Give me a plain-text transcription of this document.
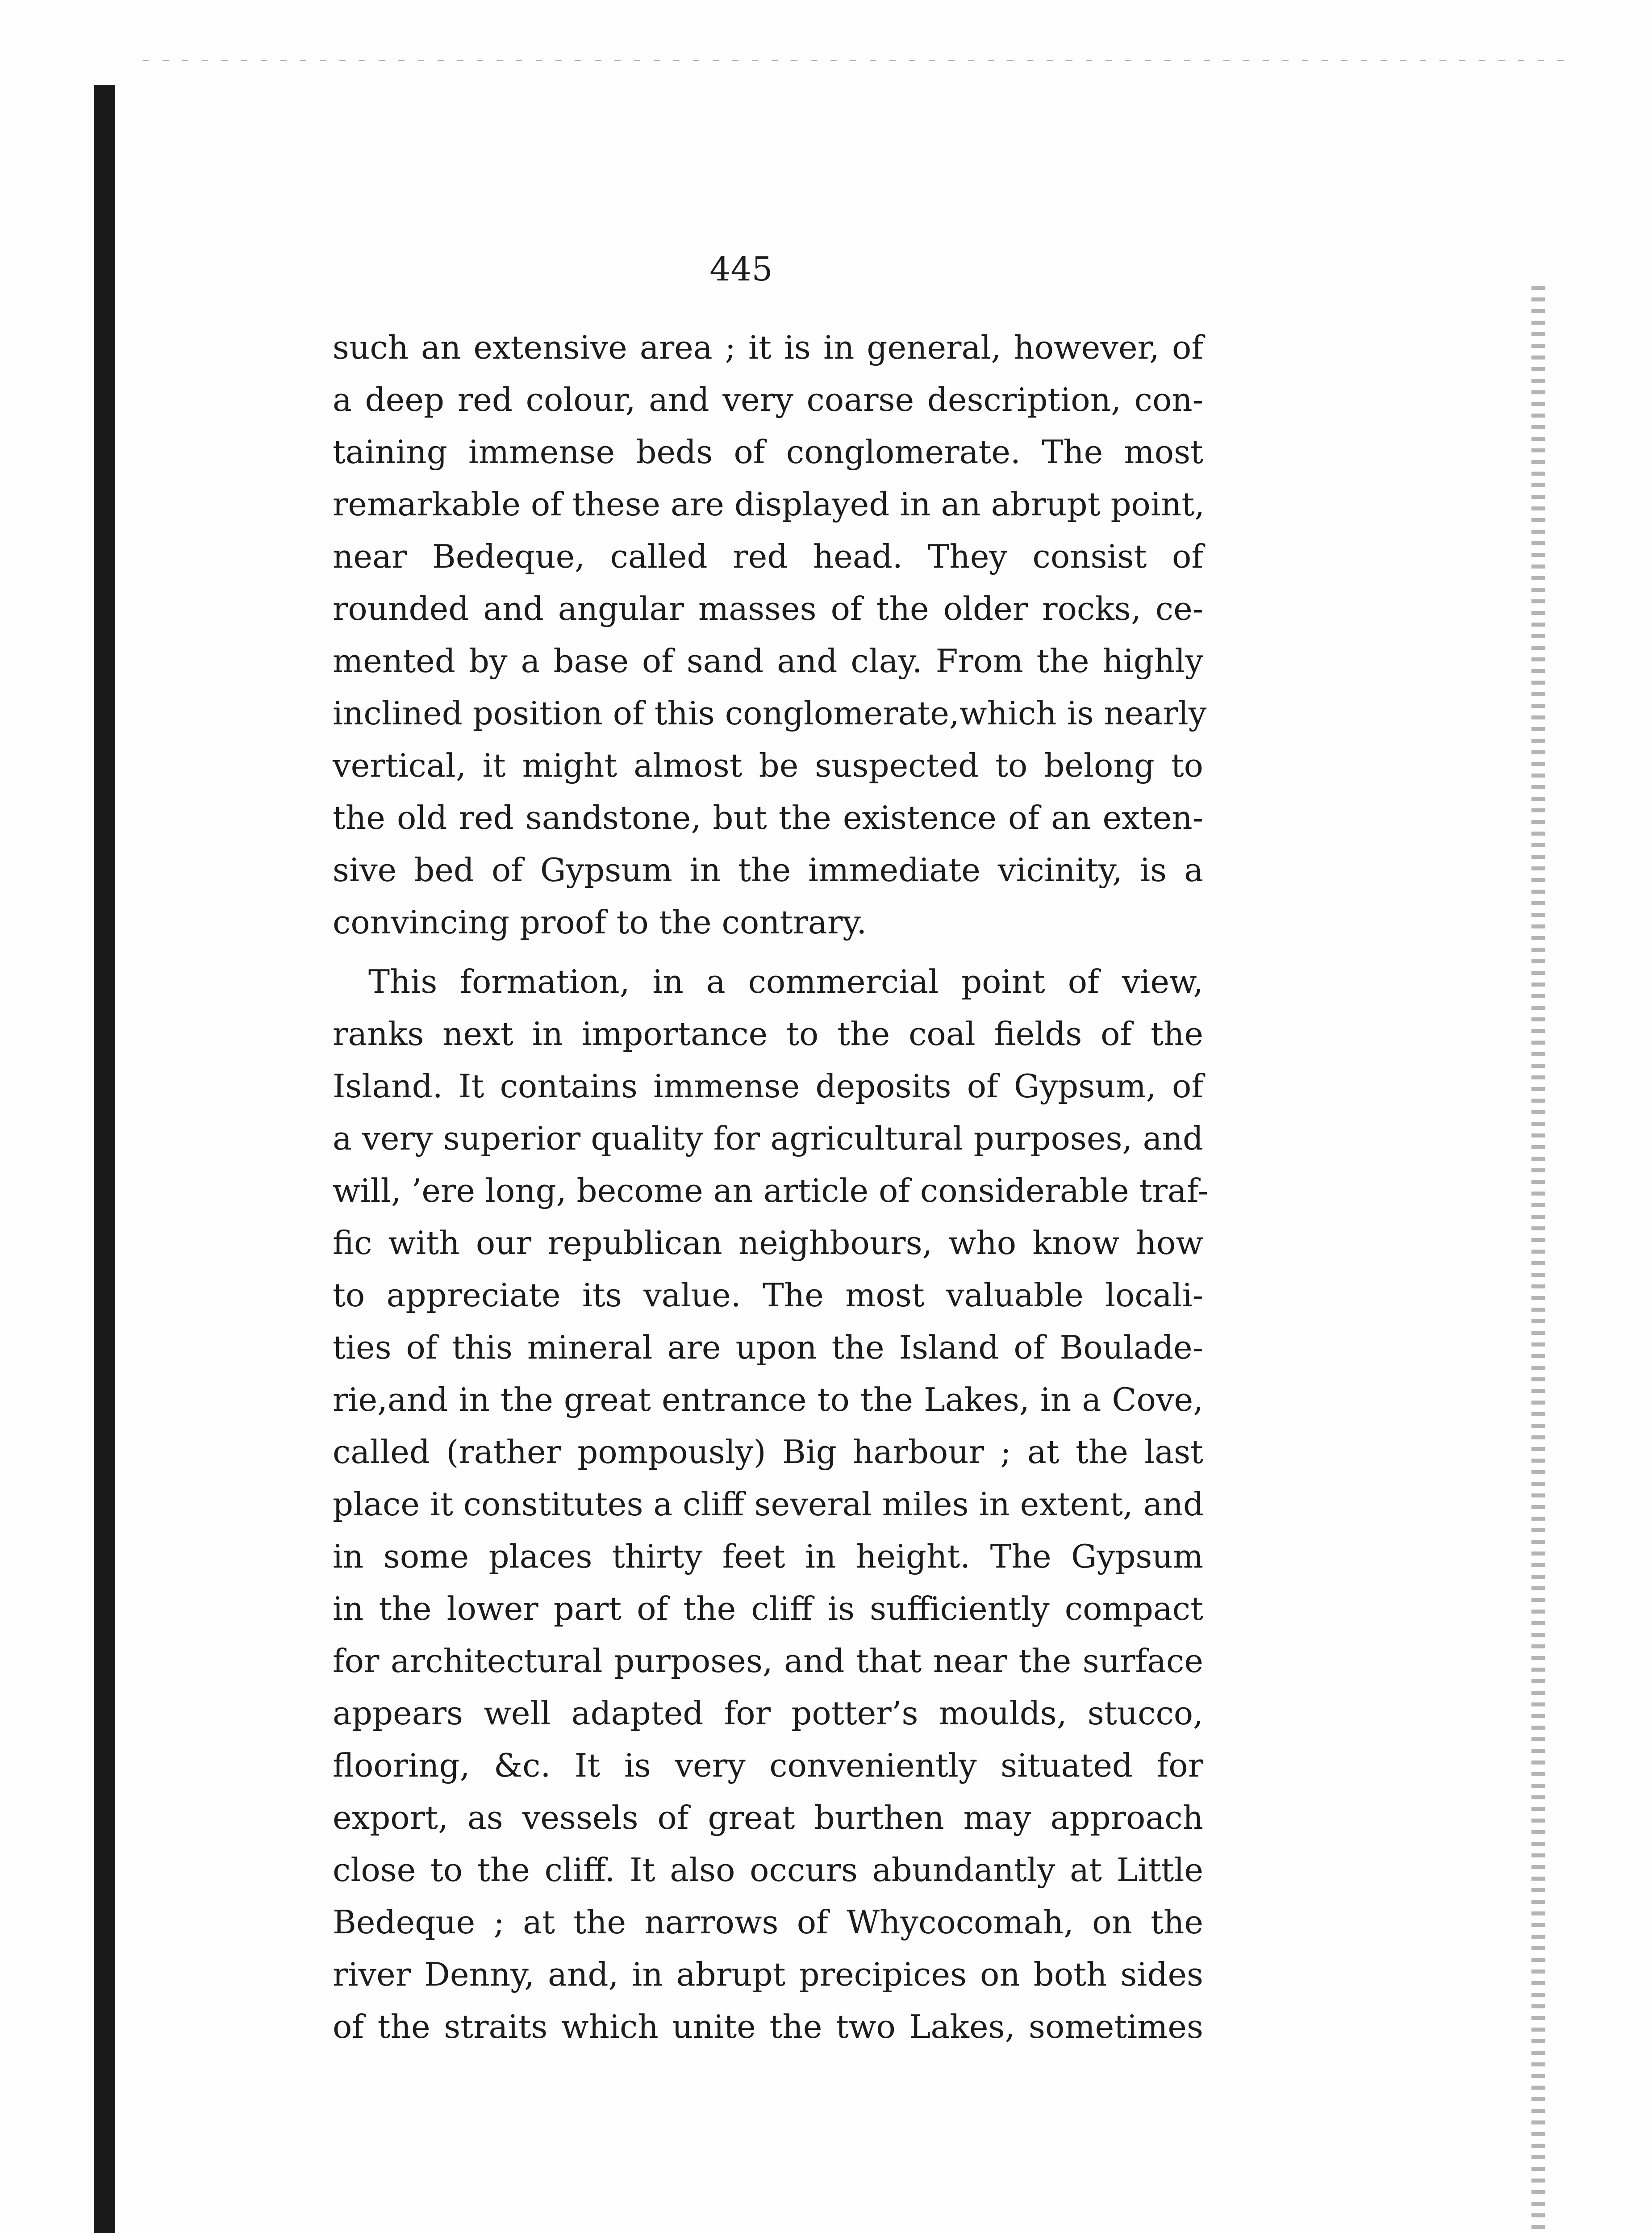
445
such an extensive area ; it is in general, however, of
a deep red colour, and very coarse description, con-
taining immense beds of conglomerate. The most
remarkable of these are displayed in an abrupt point,
near Bedeque, called red head. They consist of
rounded and angular masses of the older rocks, ce-
mented by a base of sand and clay. From the highly
inclined position of this conglomerate,which is nearly
vertical, it might almost be suspected to belong to
the old red sandstone, but the existence of an exten-
sive bed of Gypsum in the immediate vicinity, is a
convincing proof to the contrary.
This formation, in a commercial point of view,
ranks next in importance to the coal fields of the
Island. It contains immense deposits of Gypsum, of
a very superior quality for agricultural purposes, and
will, ’ere long, become an article of considerable traf-
fic with our republican neighbours, who know how
to appreciate its value. The most valuable locali-
ties of this mineral are upon the Island of Boulade-
rie,and in the great entrance to the Lakes, in a Cove,
called (rather pompously) Big harbour ; at the last
place it constitutes a cliff several miles in extent, and
in some places thirty feet in height. The Gypsum
in the lower part of the cliff is sufficiently compact
for architectural purposes, and that near the surface
appears well adapted for potter’s moulds, stucco,
flooring, &c. It is very conveniently situated for
export, as vessels of great burthen may approach
close to the cliff. It also occurs abundantly at Little
Bedeque ; at the narrows of Whycocomah, on the
river Denny, and, in abrupt precipices on both sides
of the straits which unite the two Lakes, sometimes
